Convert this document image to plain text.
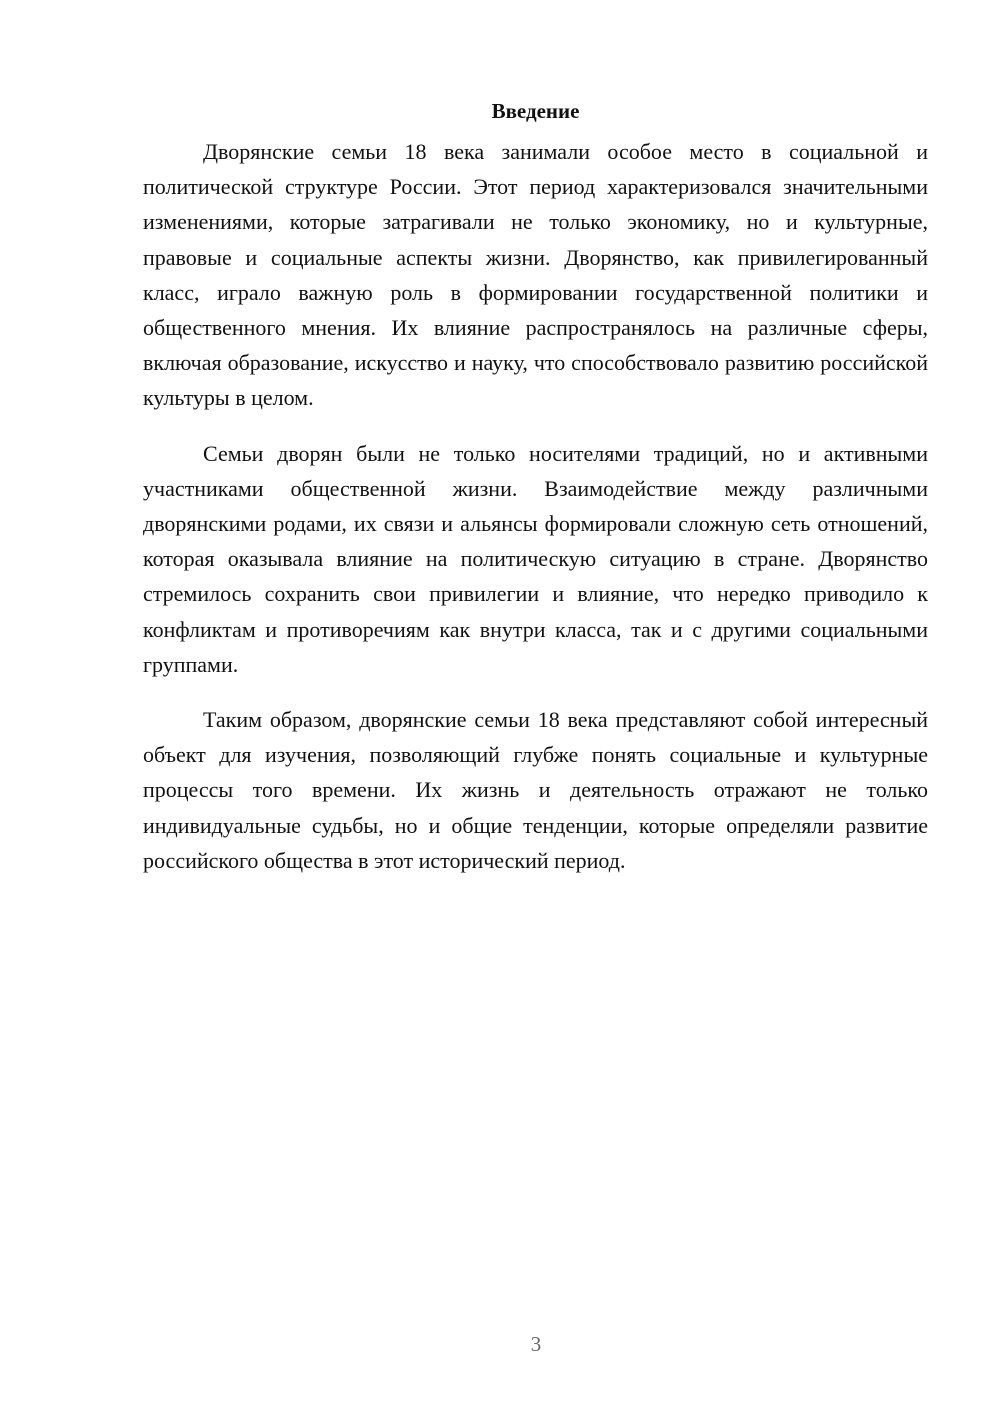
Введение

Дворянские семьи 18 века занимали особое место в социальной и политической структуре России. Этот период характеризовался значительными изменениями, которые затрагивали не только экономику, но и культурные, правовые и социальные аспекты жизни. Дворянство, как привилегированный класс, играло важную роль в формировании государственной политики и общественного мнения. Их влияние распространялось на различные сферы, включая образование, искусство и науку, что способствовало развитию российской культуры в целом.

Семьи дворян были не только носителями традиций, но и активными участниками общественной жизни. Взаимодействие между различными дворянскими родами, их связи и альянсы формировали сложную сеть отношений, которая оказывала влияние на политическую ситуацию в стране. Дворянство стремилось сохранить свои привилегии и влияние, что нередко приводило к конфликтам и противоречиям как внутри класса, так и с другими социальными группами.

Таким образом, дворянские семьи 18 века представляют собой интересный объект для изучения, позволяющий глубже понять социальные и культурные процессы того времени. Их жизнь и деятельность отражают не только индивидуальные судьбы, но и общие тенденции, которые определяли развитие российского общества в этот исторический период.

3
